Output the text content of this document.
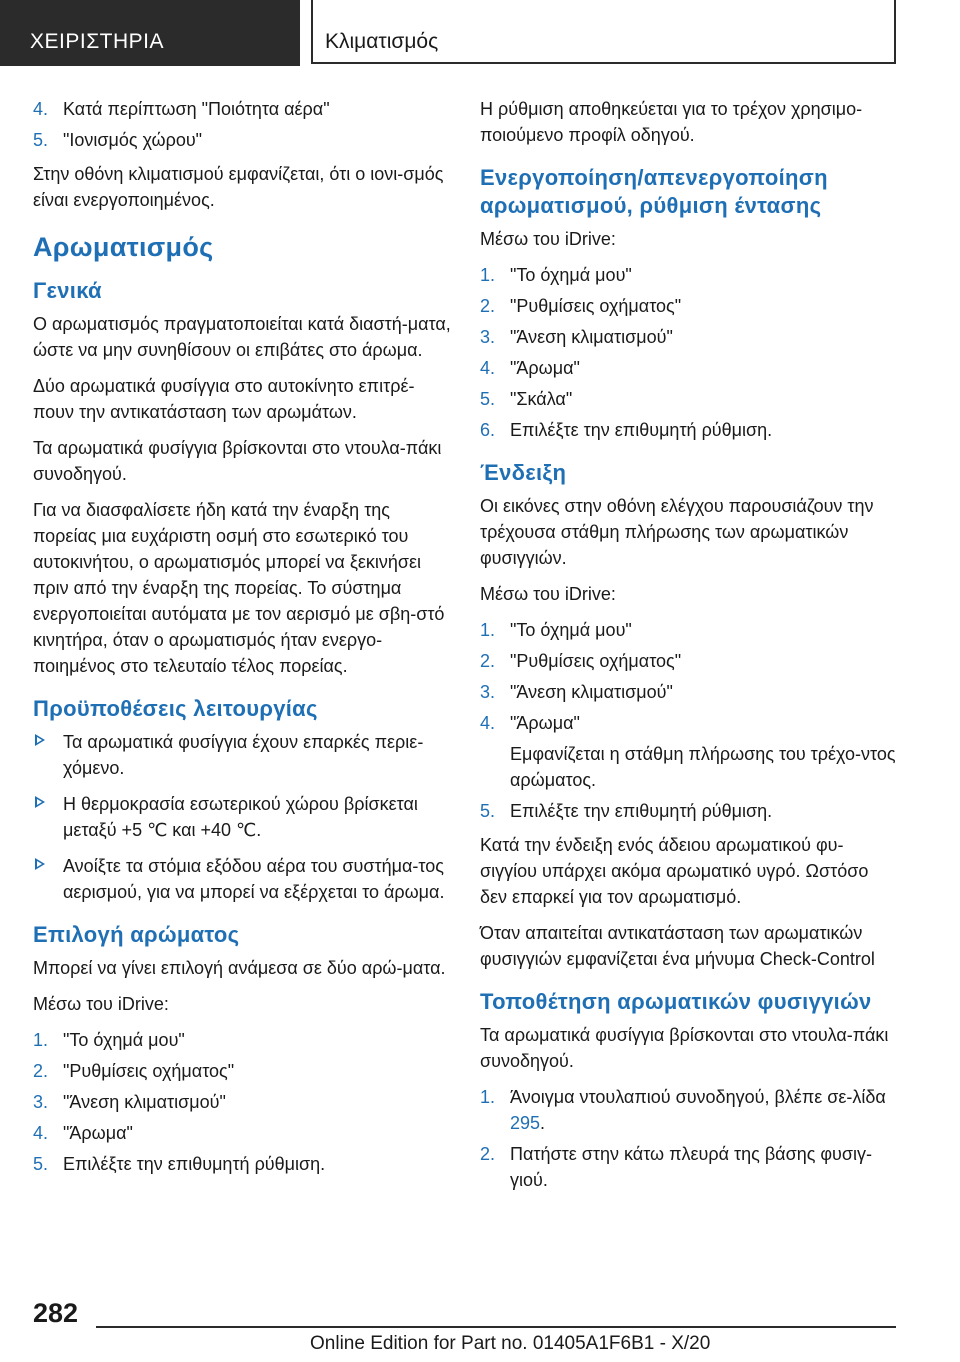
ΧΕΙΡΙΣΤΗΡΙΑ	Κλιματισμός
4. Κατά περίπτωση "Ποιότητα αέρα"
5. "Ιονισμός χώρου"

Στην οθόνη κλιματισμού εμφανίζεται, ότι ο ιονι-σμός είναι ενεργοποιημένος.

Αρωματισμός
Γενικά

Ο αρωματισμός πραγματοποιείται κατά διαστή-ματα, ώστε να μην συνηθίσουν οι επιβάτες στο άρωμα.

Δύο αρωματικά φυσίγγια στο αυτοκίνητο επιτρέ-πουν την αντικατάσταση των αρωμάτων.

Τα αρωματικά φυσίγγια βρίσκονται στο ντουλα-πάκι συνοδηγού.

Για να διασφαλίσετε ήδη κατά την έναρξη της πορείας μια ευχάριστη οσμή στο εσωτερικό του αυτοκινήτου, ο αρωματισμός μπορεί να ξεκινήσει πριν από την έναρξη της πορείας. Το σύστημα ενεργοποιείται αυτόματα με τον αερισμό με σβη-στό κινητήρα, όταν ο αρωματισμός ήταν ενεργο-ποιημένος στο τελευταίο τέλος πορείας.

Προϋποθέσεις λειτουργίας
Τα αρωματικά φυσίγγια έχουν επαρκές περιε-χόμενο.
Η θερμοκρασία εσωτερικού χώρου βρίσκεται μεταξύ +5 ℃ και +40 ℃.
Ανοίξτε τα στόμια εξόδου αέρα του συστήμα-τος αερισμού, για να μπορεί να εξέρχεται το άρωμα.
Επιλογή αρώματος

Μπορεί να γίνει επιλογή ανάμεσα σε δύο αρώ-ματα.

Μέσω του iDrive:

1. "Το όχημά μου"
2. "Ρυθμίσεις οχήματος"
3. "Άνεση κλιματισμού"
4. "Άρωμα"
5. Επιλέξτε την επιθυμητή ρύθμιση.

Η ρύθμιση αποθηκεύεται για το τρέχον χρησιμο-ποιούμενο προφίλ οδηγού.

Ενεργοποίηση/απενεργοποίηση αρωματισμού, ρύθμιση έντασης

Μέσω του iDrive:

1. "Το όχημά μου"
2. "Ρυθμίσεις οχήματος"
3. "Άνεση κλιματισμού"
4. "Άρωμα"
5. "Σκάλα"
6. Επιλέξτε την επιθυμητή ρύθμιση.
Ένδειξη

Οι εικόνες στην οθόνη ελέγχου παρουσιάζουν την τρέχουσα στάθμη πλήρωσης των αρωματικών φυσιγγιών.

Μέσω του iDrive:

1. "Το όχημά μου"
2. "Ρυθμίσεις οχήματος"
3. "Άνεση κλιματισμού"
4. "Άρωμα"
Εμφανίζεται η στάθμη πλήρωσης του τρέχο-ντος αρώματος.
5. Επιλέξτε την επιθυμητή ρύθμιση.

Κατά την ένδειξη ενός άδειου αρωματικού φυ-σιγγίου υπάρχει ακόμα αρωματικό υγρό. Ωστόσο δεν επαρκεί για τον αρωματισμό.

Όταν απαιτείται αντικατάσταση των αρωματικών φυσιγγιών εμφανίζεται ένα μήνυμα Check-Control

Τοποθέτηση αρωματικών φυσιγγιών

Τα αρωματικά φυσίγγια βρίσκονται στο ντουλα-πάκι συνοδηγού.

1. Άνοιγμα ντουλαπιού συνοδηγού, βλέπε σε-λίδα 295.
2. Πατήστε στην κάτω πλευρά της βάσης φυσιγ-γιού.
282
Online Edition for Part no. 01405A1F6B1 - X/20
